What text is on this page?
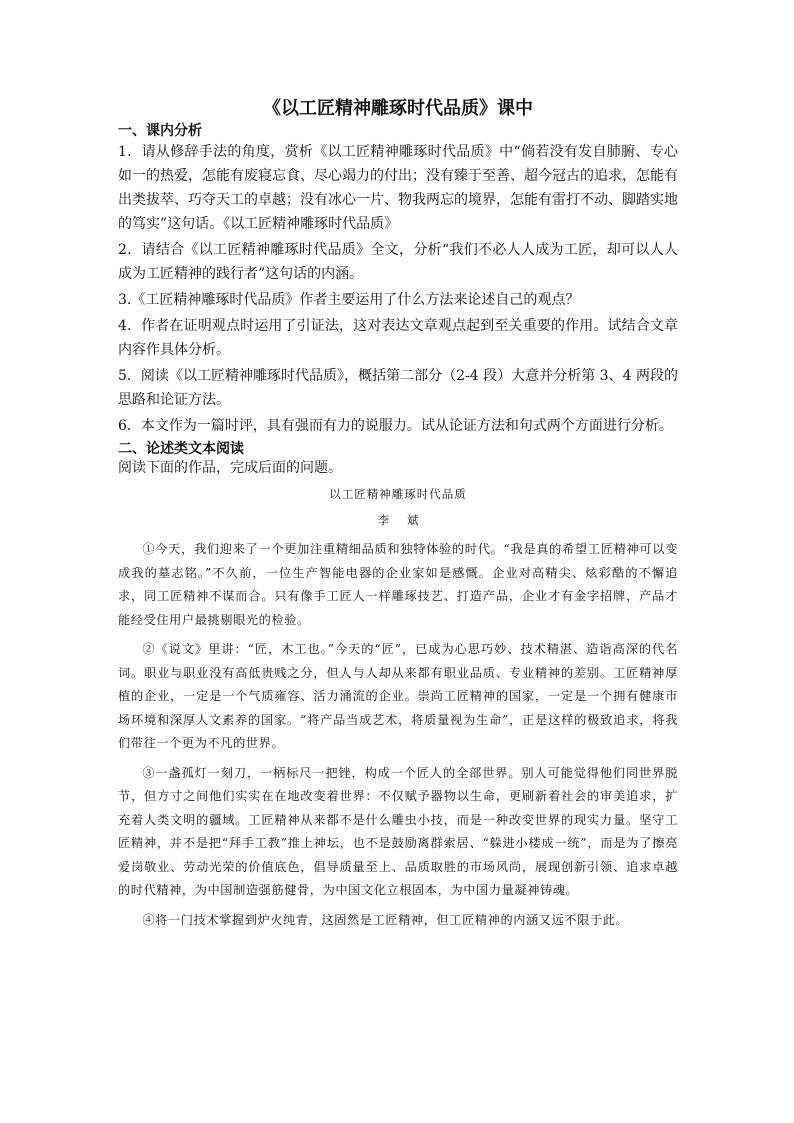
《以工匠精神雕琢时代品质》课中

一、课内分析

1．请从修辞手法的角度，赏析《以工匠精神雕琢时代品质》中“倘若没有发自肺腑、专心如一的热爱，怎能有废寝忘食、尽心竭力的付出；没有臻于至善、超今冠古的追求，怎能有出类拔萃、巧夺天工的卓越；没有冰心一片、物我两忘的境界，怎能有雷打不动、脚踏实地的笃实”这句话。《以工匠精神雕琢时代品质》

2．请结合《以工匠精神雕琢时代品质》全文，分析“我们不必人人成为工匠，却可以人人成为工匠精神的践行者”这句话的内涵。

3.《工匠精神雕琢时代品质》作者主要运用了什么方法来论述自己的观点？

4．作者在证明观点时运用了引证法，这对表达文章观点起到至关重要的作用。试结合文章内容作具体分析。

5．阅读《以工匠精神雕琢时代品质》，概括第二部分（2-4 段）大意并分析第 3、4 两段的思路和论证方法。

6．本文作为一篇时评，具有强而有力的说服力。试从论证方法和句式两个方面进行分析。

二、论述类文本阅读

阅读下面的作品，完成后面的问题。

以工匠精神雕琢时代品质

李斌

①今天，我们迎来了一个更加注重精细品质和独特体验的时代。“我是真的希望工匠精神可以变成我的墓志铭。”不久前，一位生产智能电器的企业家如是感慨。企业对高精尖、炫彩酷的不懈追求，同工匠精神不谋而合。只有像手工匠人一样雕琢技艺、打造产品，企业才有金字招牌，产品才能经受住用户最挑剔眼光的检验。

②《说文》里讲：“匠，木工也。”今天的“匠”，已成为心思巧妙、技术精湛、造诣高深的代名词。职业与职业没有高低贵贱之分，但人与人却从来都有职业品质、专业精神的差别。工匠精神厚植的企业，一定是一个气质雍容、活力涌流的企业。崇尚工匠精神的国家，一定是一个拥有健康市场环境和深厚人文素养的国家。“将产品当成艺术，将质量视为生命”，正是这样的极致追求，将我们带往一个更为不凡的世界。

③一盏孤灯一刻刀，一柄标尺一把锉，构成一个匠人的全部世界。别人可能觉得他们同世界脱节，但方寸之间他们实实在在地改变着世界：不仅赋予器物以生命，更刷新着社会的审美追求，扩充着人类文明的疆域。工匠精神从来都不是什么雕虫小技，而是一种改变世界的现实力量。坚守工匠精神，并不是把“拜手工教”推上神坛，也不是鼓励离群索居、“躲进小楼成一统”，而是为了擦亮爱岗敬业、劳动光荣的价值底色，倡导质量至上、品质取胜的市场风尚，展现创新引领、追求卓越的时代精神，为中国制造强筋健骨，为中国文化立根固本，为中国力量凝神铸魂。

④将一门技术掌握到炉火纯青，这固然是工匠精神，但工匠精神的内涵又远不限于此。
